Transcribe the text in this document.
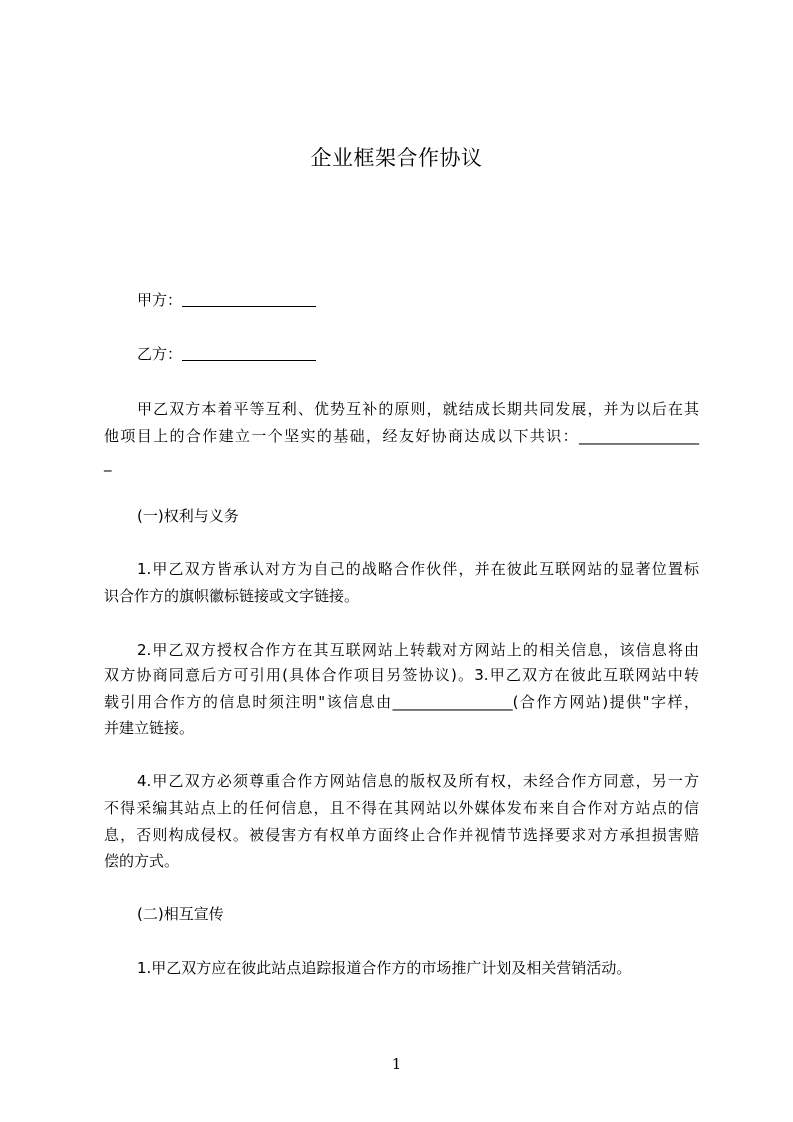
企业框架合作协议
甲方：
乙方：
甲乙双方本着平等互利、优势互补的原则，就结成长期共同发展，并为以后在其
他项目上的合作建立一个坚实的基础，经友好协商达成以下共识：________________
_
(一)权利与义务
1.甲乙双方皆承认对方为自己的战略合作伙伴，并在彼此互联网站的显著位置标
识合作方的旗帜徽标链接或文字链接。
2.甲乙双方授权合作方在其互联网站上转载对方网站上的相关信息，该信息将由
双方协商同意后方可引用(具体合作项目另签协议)。3.甲乙双方在彼此互联网站中转
载引用合作方的信息时须注明"该信息由________________(合作方网站)提供"字样，
并建立链接。
4.甲乙双方必须尊重合作方网站信息的版权及所有权，未经合作方同意，另一方
不得采编其站点上的任何信息，且不得在其网站以外媒体发布来自合作对方站点的信
息，否则构成侵权。被侵害方有权单方面终止合作并视情节选择要求对方承担损害赔
偿的方式。
(二)相互宣传
1.甲乙双方应在彼此站点追踪报道合作方的市场推广计划及相关营销活动。
1
